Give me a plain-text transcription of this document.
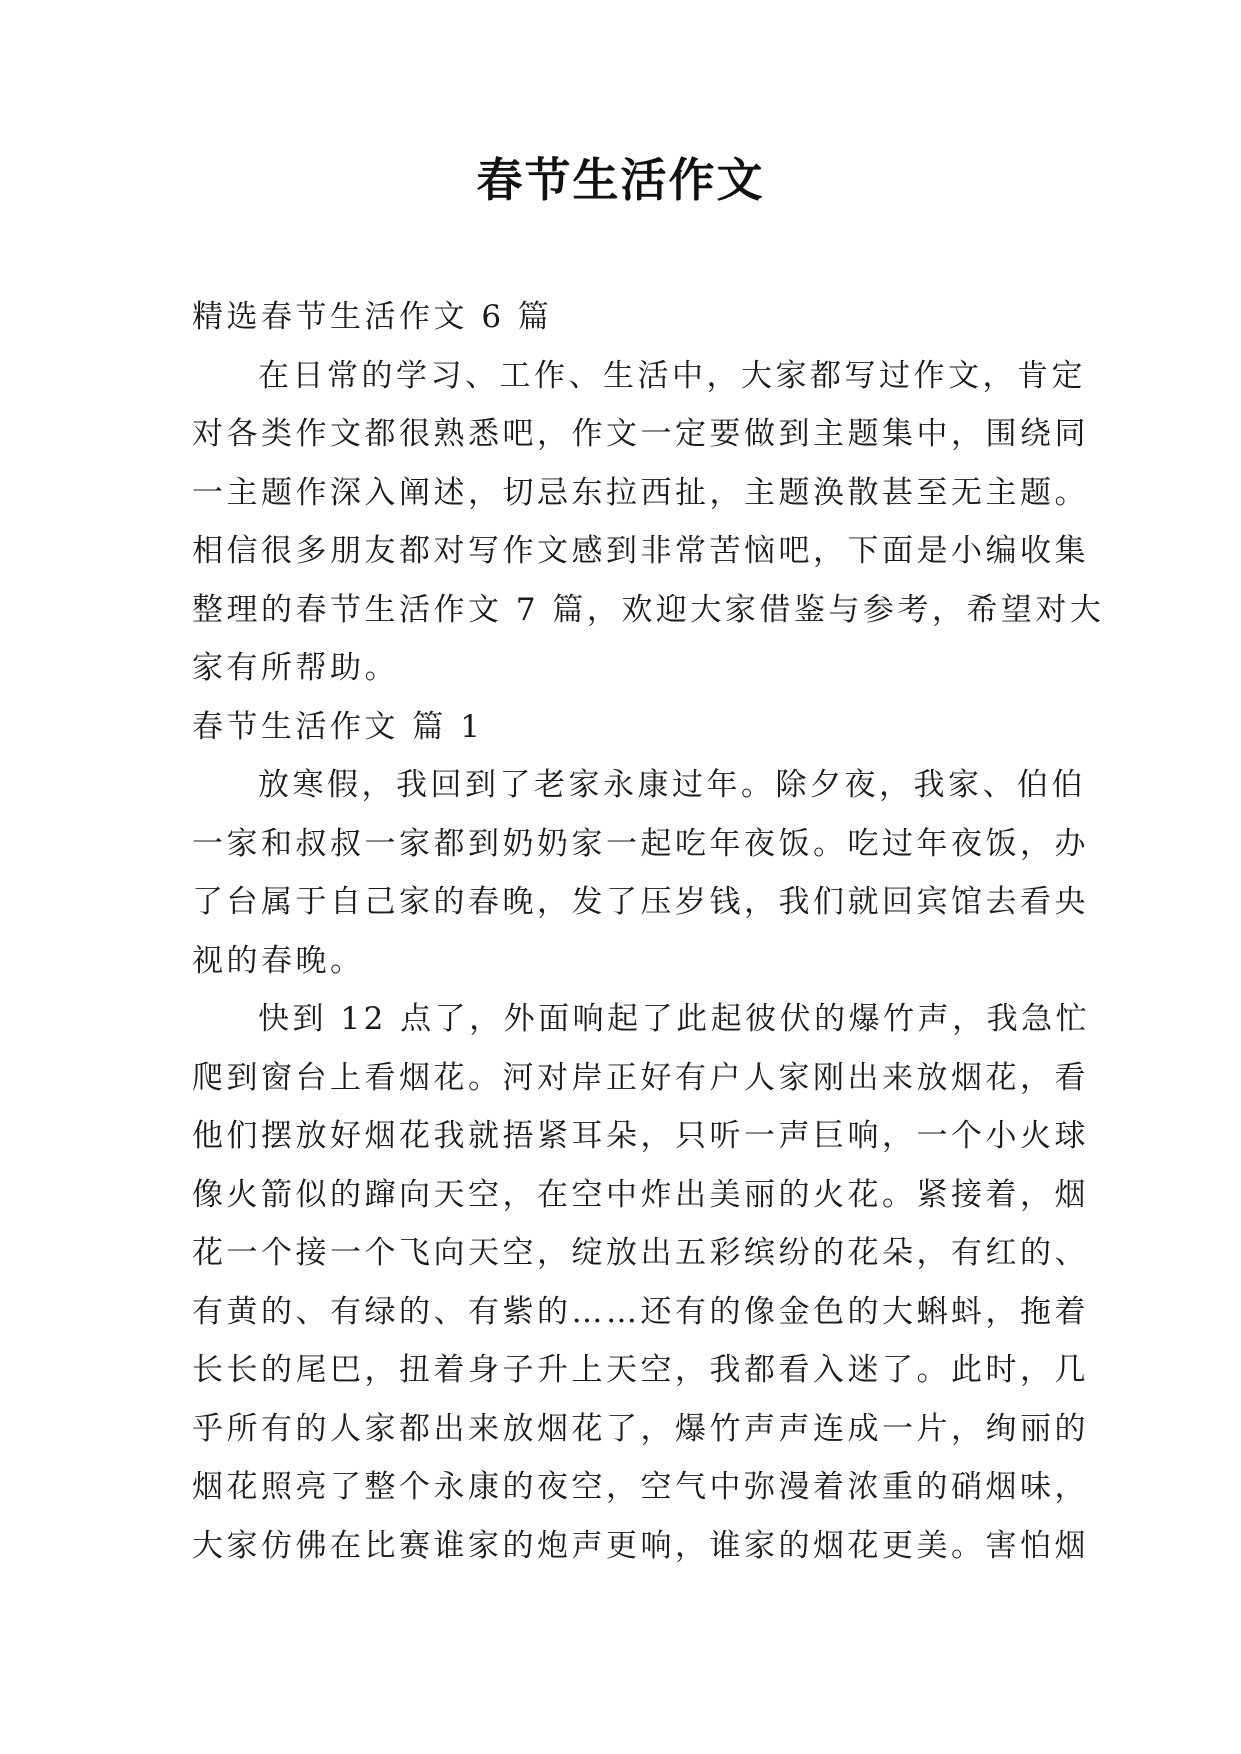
春节生活作文
精选春节生活作文 6 篇
在日常的学习、工作、生活中，大家都写过作文，肯定
对各类作文都很熟悉吧，作文一定要做到主题集中，围绕同
一主题作深入阐述，切忌东拉西扯，主题涣散甚至无主题。
相信很多朋友都对写作文感到非常苦恼吧，下面是小编收集
整理的春节生活作文 7 篇，欢迎大家借鉴与参考，希望对大
家有所帮助。
春节生活作文 篇 1
放寒假，我回到了老家永康过年。除夕夜，我家、伯伯
一家和叔叔一家都到奶奶家一起吃年夜饭。吃过年夜饭，办
了台属于自己家的春晚，发了压岁钱，我们就回宾馆去看央
视的春晚。
快到 12 点了，外面响起了此起彼伏的爆竹声，我急忙
爬到窗台上看烟花。河对岸正好有户人家刚出来放烟花，看
他们摆放好烟花我就捂紧耳朵，只听一声巨响，一个小火球
像火箭似的蹿向天空，在空中炸出美丽的火花。紧接着，烟
花一个接一个飞向天空，绽放出五彩缤纷的花朵，有红的、
有黄的、有绿的、有紫的……还有的像金色的大蝌蚪，拖着
长长的尾巴，扭着身子升上天空，我都看入迷了。此时，几
乎所有的人家都出来放烟花了，爆竹声声连成一片，绚丽的
烟花照亮了整个永康的夜空，空气中弥漫着浓重的硝烟味，
大家仿佛在比赛谁家的炮声更响，谁家的烟花更美。害怕烟
